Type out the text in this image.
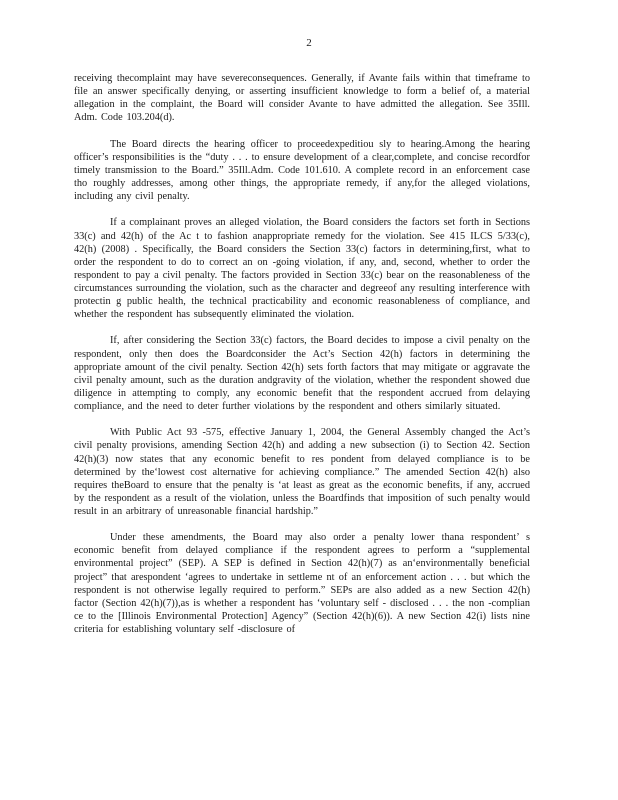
2

receiving thecomplaint may have severeconsequences. Generally, if Avante fails within that timeframe to file an answer specifically denying, or asserting insufficient knowledge to form a belief of, a material allegation in the complaint, the Board will consider Avante to have admitted the allegation. See 35Ill. Adm. Code 103.204(d).

The Board directs the hearing officer to proceedexpeditiou sly to hearing.Among the hearing officer’s responsibilities is the “duty . . . to ensure development of a clear,complete, and concise recordfor timely transmission to the Board.” 35Ill.Adm. Code 101.610. A complete record in an enforcement case tho roughly addresses, among other things, the appropriate remedy, if any,for the alleged violations, including any civil penalty.

If a complainant proves an alleged violation, the Board considers the factors set forth in Sections 33(c) and 42(h) of the Ac t to fashion anappropriate remedy for the violation. See 415 ILCS 5/33(c), 42(h) (2008) . Specifically, the Board considers the Section 33(c) factors in determining,first, what to order the respondent to do to correct an on -going violation, if any, and, second, whether to order the respondent to pay a civil penalty. The factors provided in Section 33(c) bear on the reasonableness of the circumstances surrounding the violation, such as the character and degreeof any resulting interference with protectin g public health, the technical practicability and economic reasonableness of compliance, and whether the respondent has subsequently eliminated the violation.

If, after considering the Section 33(c) factors, the Board decides to impose a civil penalty on the respondent, only then does the Boardconsider the Act’s Section 42(h) factors in determining the appropriate amount of the civil penalty. Section 42(h) sets forth factors that may mitigate or aggravate the civil penalty amount, such as the duration andgravity of the violation, whether the respondent showed due diligence in attempting to comply, any economic benefit that the respondent accrued from delaying compliance, and the need to deter further violations by the respondent and others similarly situated.

With Public Act 93 -575, effective January 1, 2004, the General Assembly changed the Act’s civil penalty provisions, amending Section 42(h) and adding a new subsection (i) to Section 42. Section 42(h)(3) now states that any economic benefit to res pondent from delayed compliance is to be determined by the‘lowest cost alternative for achieving compliance.” The amended Section 42(h) also requires theBoard to ensure that the penalty is ‘at least as great as the economic benefits, if any, accrued by the respondent as a result of the violation, unless the Boardfinds that imposition of such penalty would result in an arbitrary of unreasonable financial hardship.”

Under these amendments, the Board may also order a penalty lower thana respondent’ s economic benefit from delayed compliance if the respondent agrees to perform a “supplemental environmental project” (SEP). A SEP is defined in Section 42(h)(7) as an‘environmentally beneficial project” that arespondent ‘agrees to undertake in settleme nt of an enforcement action . . . but which the respondent is not otherwise legally required to perform.” SEPs are also added as a new Section 42(h) factor (Section 42(h)(7)),as is whether a respondent has ‘voluntary self - disclosed . . . the non -complian ce to the [Illinois Environmental Protection] Agency” (Section 42(h)(6)). A new Section 42(i) lists nine criteria for establishing voluntary self -disclosure of
